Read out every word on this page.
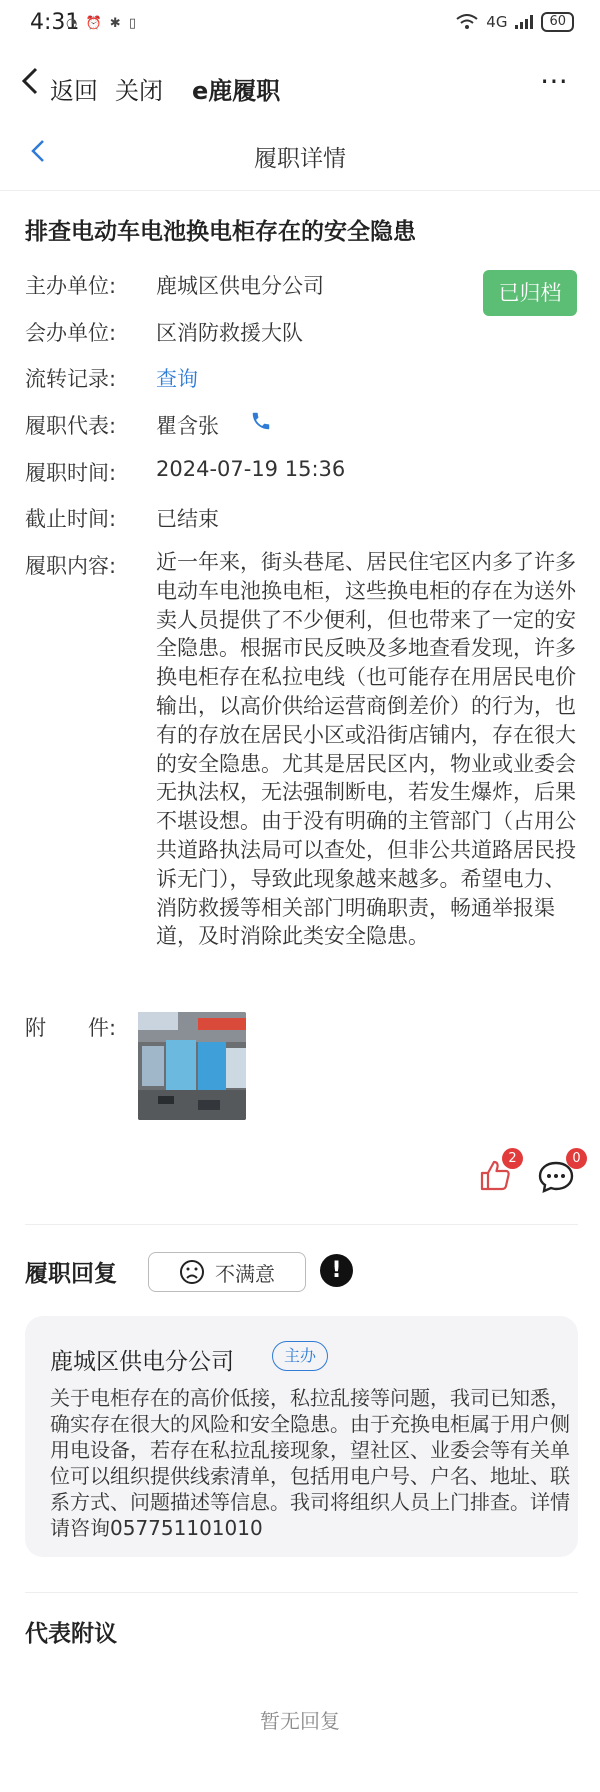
4:31
◔ ⏰ ✱ ▯	4G	60
返回 关闭 e鹿履职	⋯
履职详情
排查电动车电池换电柜存在的安全隐患
已归档
主办单位: 鹿城区供电分公司
会办单位: 区消防救援大队
流转记录: 查询
履职代表: 瞿含张
履职时间: 2024-07-19 15:36
截止时间: 已结束
履职内容: 近一年来，街头巷尾、居民住宅区内多了许多电动车电池换电柜，这些换电柜的存在为送外卖人员提供了不少便利，但也带来了一定的安全隐患。根据市民反映及多地查看发现，许多换电柜存在私拉电线（也可能存在用居民电价输出，以高价供给运营商倒差价）的行为，也有的存放在居民小区或沿街店铺内，存在很大的安全隐患。尤其是居民区内，物业或业委会无执法权，无法强制断电，若发生爆炸，后果不堪设想。由于没有明确的主管部门（占用公共道路执法局可以查处，但非公共道路居民投诉无门），导致此现象越来越多。希望电力、消防救援等相关部门明确职责，畅通举报渠道，及时消除此类安全隐患。
附　　件:
2	0
履职回复	不满意	!
鹿城区供电分公司	主办
关于电柜存在的高价低接，私拉乱接等问题，我司已知悉，确实存在很大的风险和安全隐患。由于充换电柜属于用户侧用电设备，若存在私拉乱接现象，望社区、业委会等有关单位可以组织提供线索清单，包括用电户号、户名、地址、联系方式、问题描述等信息。我司将组织人员上门排查。详情请咨询057751101010
代表附议
暂无回复
